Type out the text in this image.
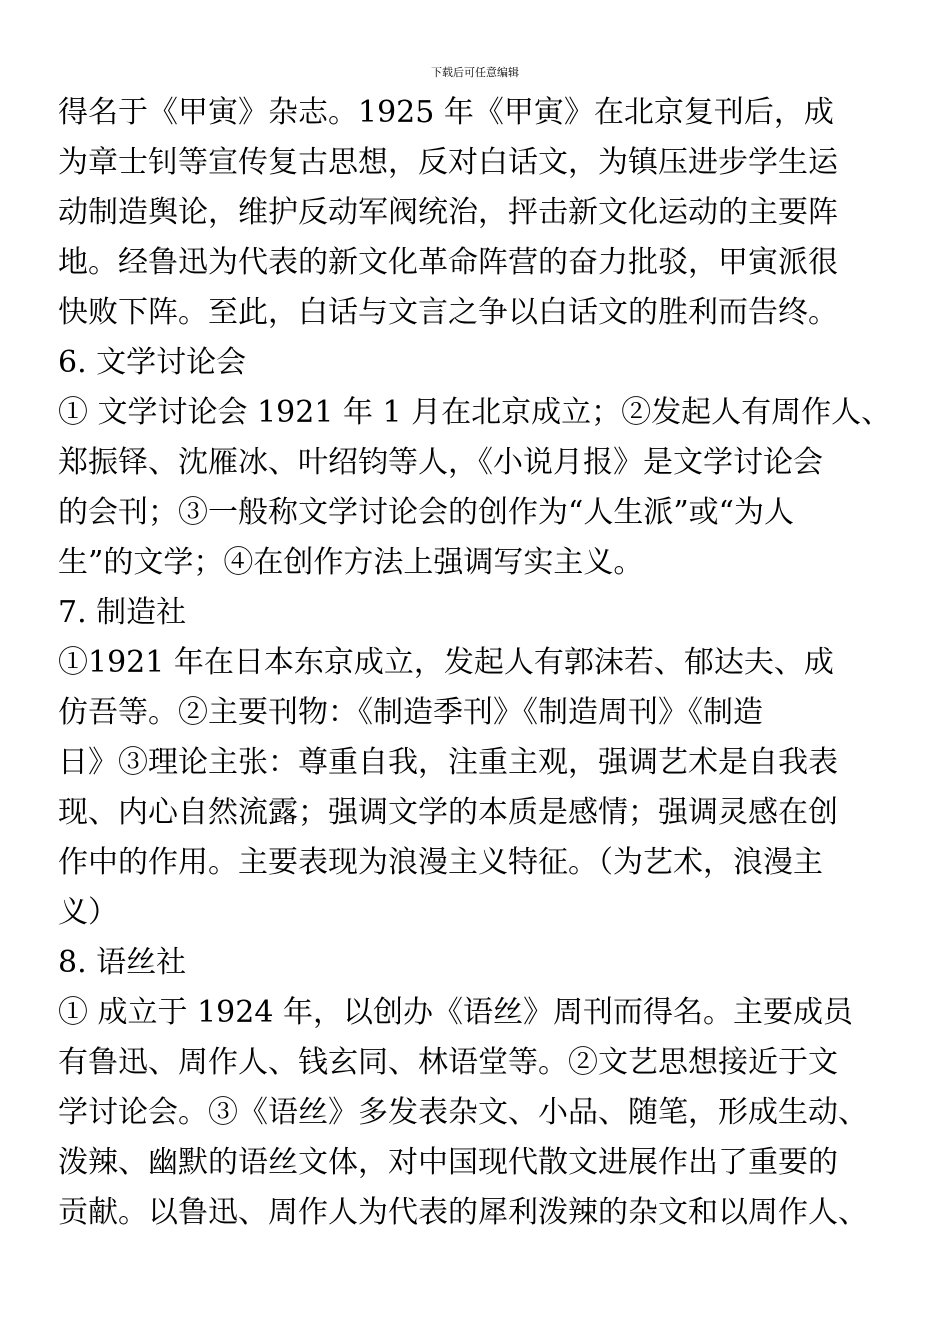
下载后可任意编辑
得名于《甲寅》杂志。1925 年《甲寅》在北京复刊后，成
为章士钊等宣传复古思想，反对白话文，为镇压进步学生运
动制造舆论，维护反动军阀统治，抨击新文化运动的主要阵
地。经鲁迅为代表的新文化革命阵营的奋力批驳，甲寅派很
快败下阵。至此，白话与文言之争以白话文的胜利而告终。
6. 文学讨论会
① 文学讨论会 1921 年 1 月在北京成立；②发起人有周作人、
郑振铎、沈雁冰、叶绍钧等人，《小说月报》是文学讨论会
的会刊；③一般称文学讨论会的创作为“人生派”或“为人
生”的文学；④在创作方法上强调写实主义。
7. 制造社
①1921 年在日本东京成立，发起人有郭沫若、郁达夫、成
仿吾等。②主要刊物：《制造季刊》《制造周刊》《制造
日》③理论主张：尊重自我，注重主观，强调艺术是自我表
现、内心自然流露；强调文学的本质是感情；强调灵感在创
作中的作用。主要表现为浪漫主义特征。（为艺术，浪漫主
义）
8. 语丝社
① 成立于 1924 年，以创办《语丝》周刊而得名。主要成员
有鲁迅、周作人、钱玄同、林语堂等。②文艺思想接近于文
学讨论会。③《语丝》多发表杂文、小品、随笔，形成生动、
泼辣、幽默的语丝文体，对中国现代散文进展作出了重要的
贡献。以鲁迅、周作人为代表的犀利泼辣的杂文和以周作人、
